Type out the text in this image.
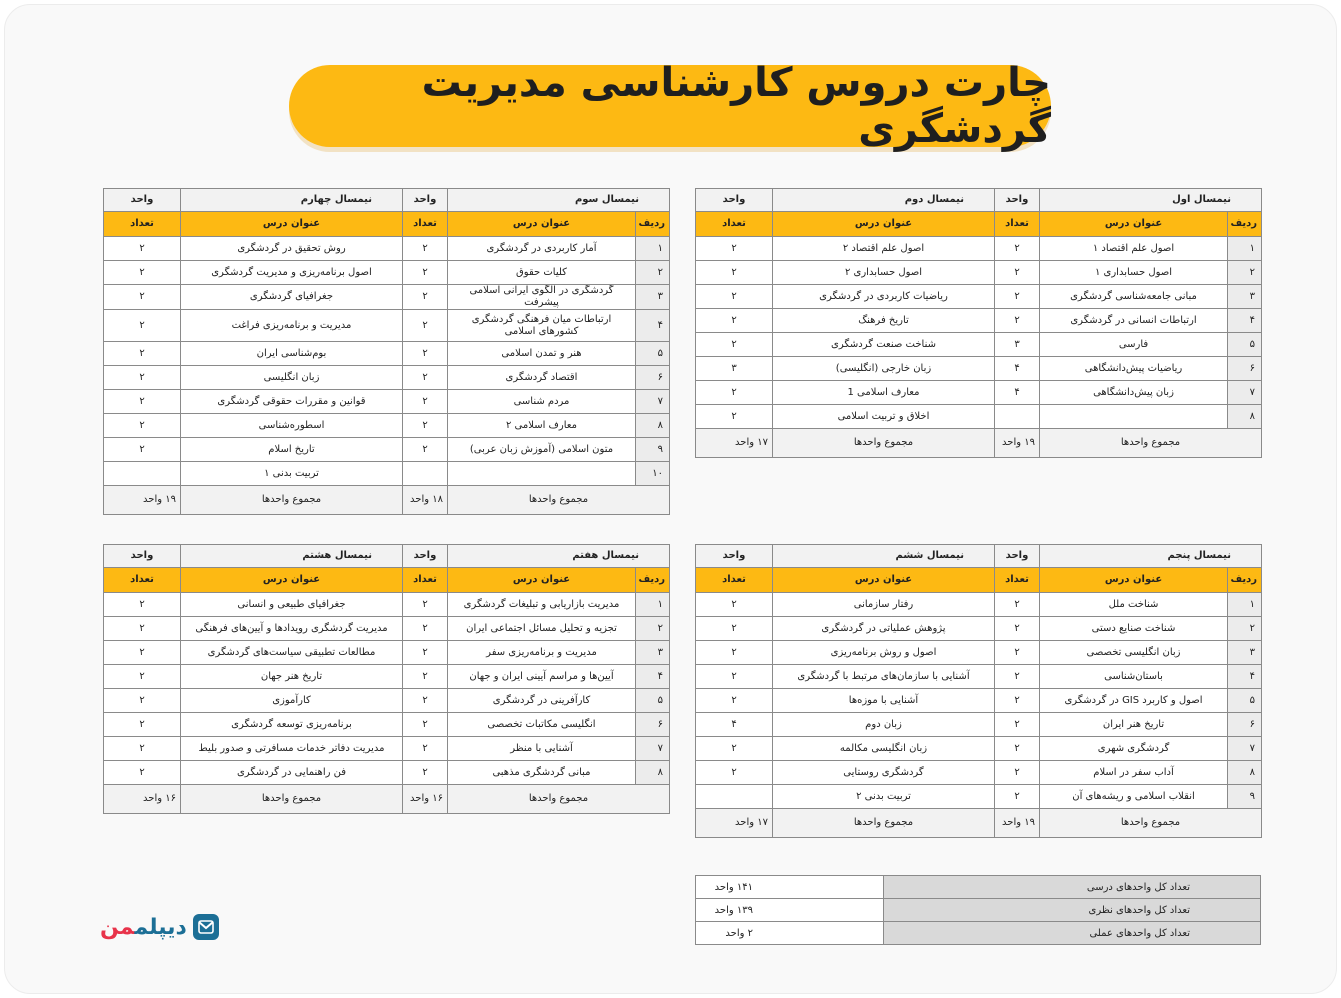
چارت دروس کارشناسی مدیریت گردشگری
نیمسال اول		واحد	نیمسال دوم	واحد
ردیف	عنوان درس	تعداد	عنوان درس	تعداد
۱	اصول علم اقتصاد ۱	۲	اصول علم اقتصاد ۲	۲
۲	اصول حسابداری ۱	۲	اصول حسابداری ۲	۲
۳	مبانی جامعه‌شناسی گردشگری	۲	ریاضیات کاربردی در گردشگری	۲
۴	ارتباطات انسانی در گردشگری	۲	تاریخ فرهنگ	۲
۵	فارسی	۳	شناخت صنعت گردشگری	۲
۶	ریاضیات پیش‌دانشگاهی	۴	زبان خارجی (انگلیسی)	۳
۷	زبان پیش‌دانشگاهی	۴	معارف اسلامی 1	۲
۸			اخلاق و تربیت اسلامی	۲
مجموع واحدها		۱۹ واحد	مجموع واحدها	۱۷ واحد
نیمسال سوم		واحد	نیمسال چهارم	واحد
ردیف	عنوان درس	تعداد	عنوان درس	تعداد
۱	آمار کاربردی در گردشگری	۲	روش تحقیق در گردشگری	۲
۲	کلیات حقوق	۲	اصول برنامه‌ریزی و مدیریت گردشگری	۲
۳	گردشگری در الگوی ایرانی اسلامی پیشرفت	۲	جغرافیای گردشگری	۲
۴	ارتباطات میان فرهنگی گردشگری کشورهای اسلامی	۲	مدیریت و برنامه‌ریزی فراغت	۲
۵	هنر و تمدن اسلامی	۲	بوم‌شناسی ایران	۲
۶	اقتصاد گردشگری	۲	زبان انگلیسی	۲
۷	مردم شناسی	۲	قوانین و مقررات حقوقی گردشگری	۲
۸	معارف اسلامی ۲	۲	اسطوره‌شناسی	۲
۹	متون اسلامی (آموزش زبان عربی)	۲	تاریخ اسلام	۲
۱۰			تربیت بدنی ۱	
مجموع واحدها		۱۸ واحد	مجموع واحدها	۱۹ واحد
نیمسال پنجم		واحد	نیمسال ششم	واحد
ردیف	عنوان درس	تعداد	عنوان درس	تعداد
۱	شناخت ملل	۲	رفتار سازمانی	۲
۲	شناخت صنایع دستی	۲	پژوهش عملیاتی در گردشگری	۲
۳	زبان انگلیسی تخصصی	۲	اصول و روش برنامه‌ریزی	۲
۴	باستان‌شناسی	۲	آشنایی با سازمان‌های مرتبط با گردشگری	۲
۵	اصول و کاربرد GIS در گردشگری	۲	آشنایی با موزه‌ها	۲
۶	تاریخ هنر ایران	۲	زبان دوم	۴
۷	گردشگری شهری	۲	زبان انگلیسی مکالمه	۲
۸	آداب سفر در اسلام	۲	گردشگری روستایی	۲
۹	انقلاب اسلامی و ریشه‌های آن	۲	تربیت بدنی ۲	
مجموع واحدها		۱۹ واحد	مجموع واحدها	۱۷ واحد
نیمسال هفتم		واحد	نیمسال هشتم	واحد
ردیف	عنوان درس	تعداد	عنوان درس	تعداد
۱	مدیریت بازاریابی و تبلیغات گردشگری	۲	جغرافیای طبیعی و انسانی	۲
۲	تجزیه و تحلیل مسائل اجتماعی ایران	۲	مدیریت گردشگری رویدادها و آیین‌های فرهنگی	۲
۳	مدیریت و برنامه‌ریزی سفر	۲	مطالعات تطبیقی سیاست‌های گردشگری	۲
۴	آیین‌ها و مراسم آیینی ایران و جهان	۲	تاریخ هنر جهان	۲
۵	کارآفرینی در گردشگری	۲	کارآموزی	۲
۶	انگلیسی مکاتبات تخصصی	۲	برنامه‌ریزی توسعه گردشگری	۲
۷	آشنایی با منظر	۲	مدیریت دفاتر خدمات مسافرتی و صدور بلیط	۲
۸	مبانی گردشگری مذهبی	۲	فن راهنمایی در گردشگری	۲
مجموع واحدها		۱۶ واحد	مجموع واحدها	۱۶ واحد
تعداد کل واحدهای درسی	۱۴۱ واحد
تعداد کل واحدهای نظری	۱۳۹ واحد
تعداد کل واحدهای عملی	۲ واحد
دیپلممن
